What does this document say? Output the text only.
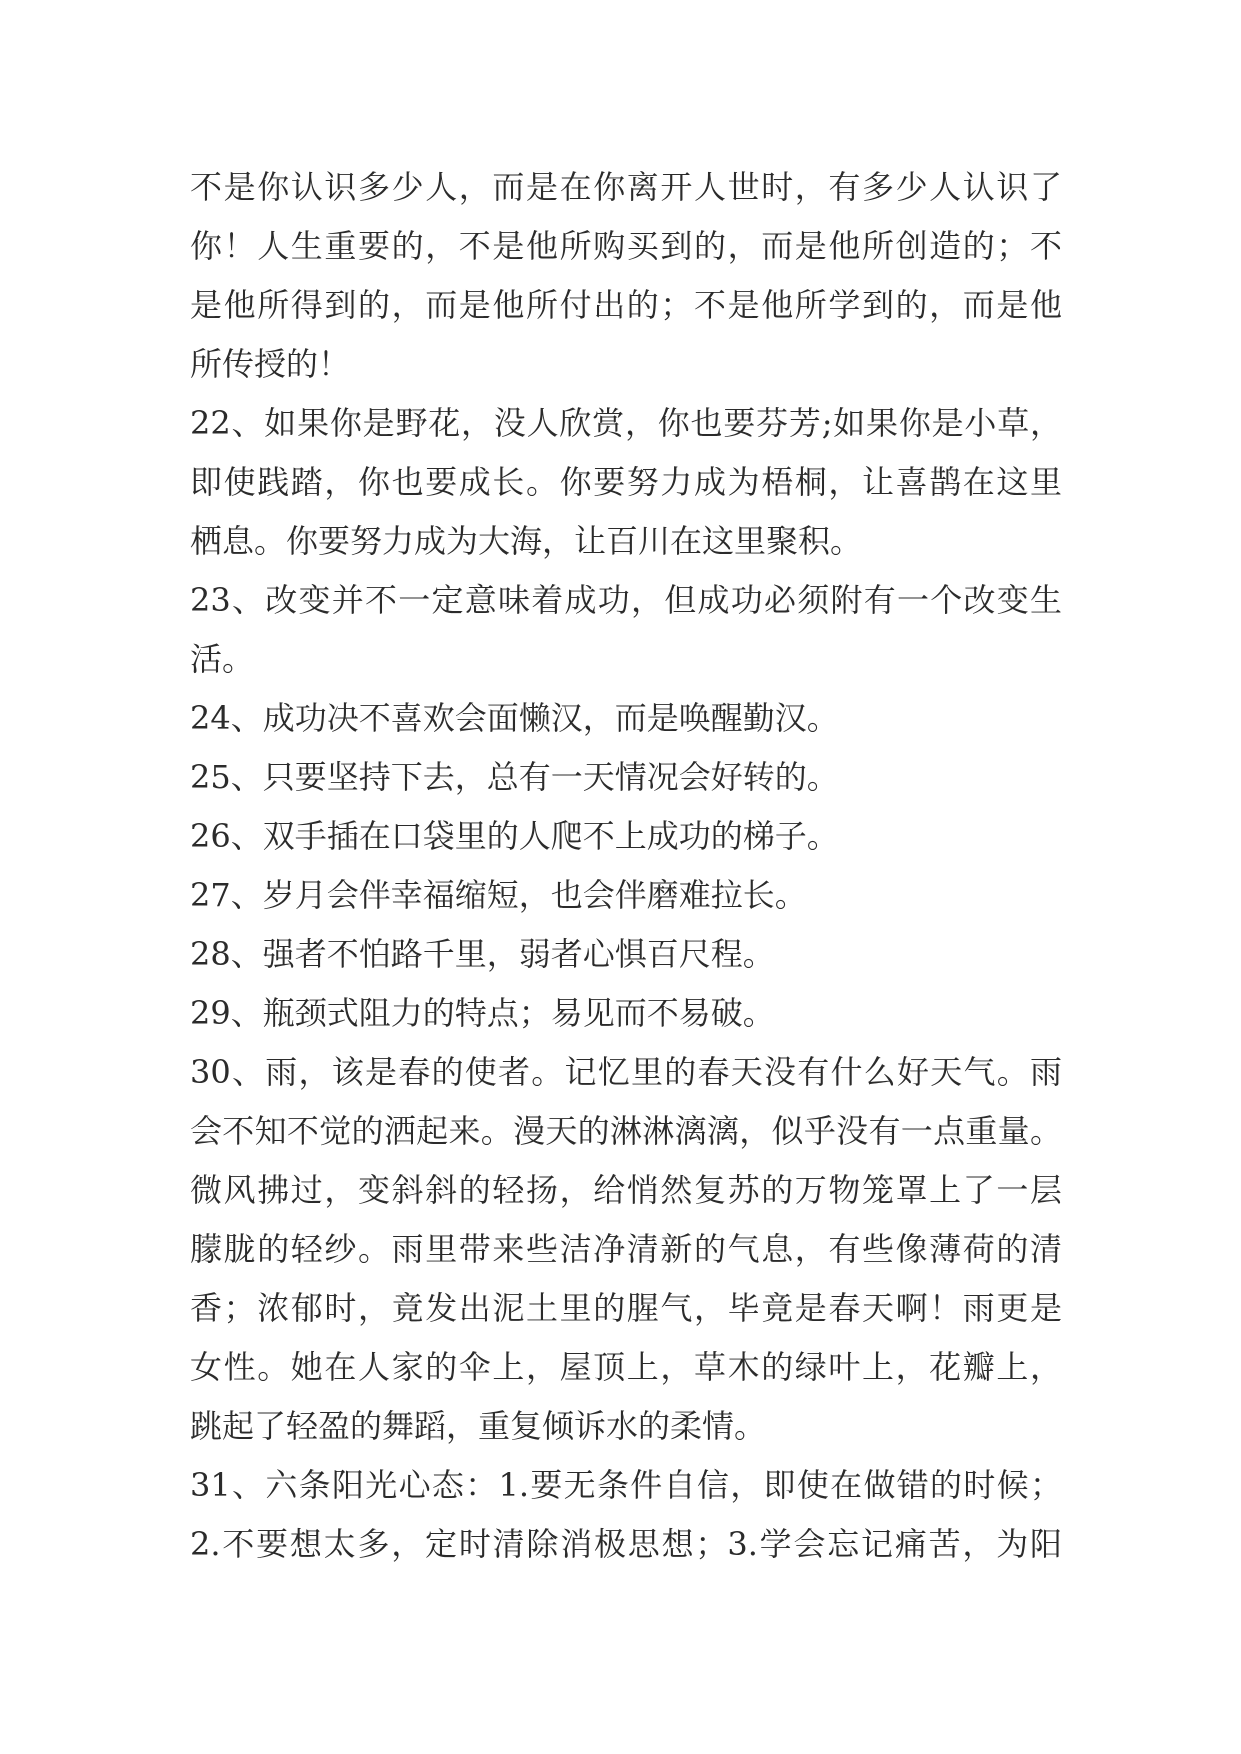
不是你认识多少人，而是在你离开人世时，有多少人认识了
你！人生重要的，不是他所购买到的，而是他所创造的；不
是他所得到的，而是他所付出的；不是他所学到的，而是他
所传授的！
22、如果你是野花，没人欣赏，你也要芬芳;如果你是小草，
即使践踏，你也要成长。你要努力成为梧桐，让喜鹊在这里
栖息。你要努力成为大海，让百川在这里聚积。
23、改变并不一定意味着成功，但成功必须附有一个改变生
活。
24、成功决不喜欢会面懒汉，而是唤醒勤汉。
25、只要坚持下去，总有一天情况会好转的。
26、双手插在口袋里的人爬不上成功的梯子。
27、岁月会伴幸福缩短，也会伴磨难拉长。
28、强者不怕路千里，弱者心惧百尺程。
29、瓶颈式阻力的特点；易见而不易破。
30、雨，该是春的使者。记忆里的春天没有什么好天气。雨
会不知不觉的洒起来。漫天的淋淋漓漓，似乎没有一点重量。
微风拂过，变斜斜的轻扬，给悄然复苏的万物笼罩上了一层
朦胧的轻纱。雨里带来些洁净清新的气息，有些像薄荷的清
香；浓郁时，竟发出泥土里的腥气，毕竟是春天啊！雨更是
女性。她在人家的伞上，屋顶上，草木的绿叶上，花瓣上，
跳起了轻盈的舞蹈，重复倾诉水的柔情。
31、六条阳光心态：1.要无条件自信，即使在做错的时候；
2.不要想太多，定时清除消极思想；3.学会忘记痛苦，为阳
